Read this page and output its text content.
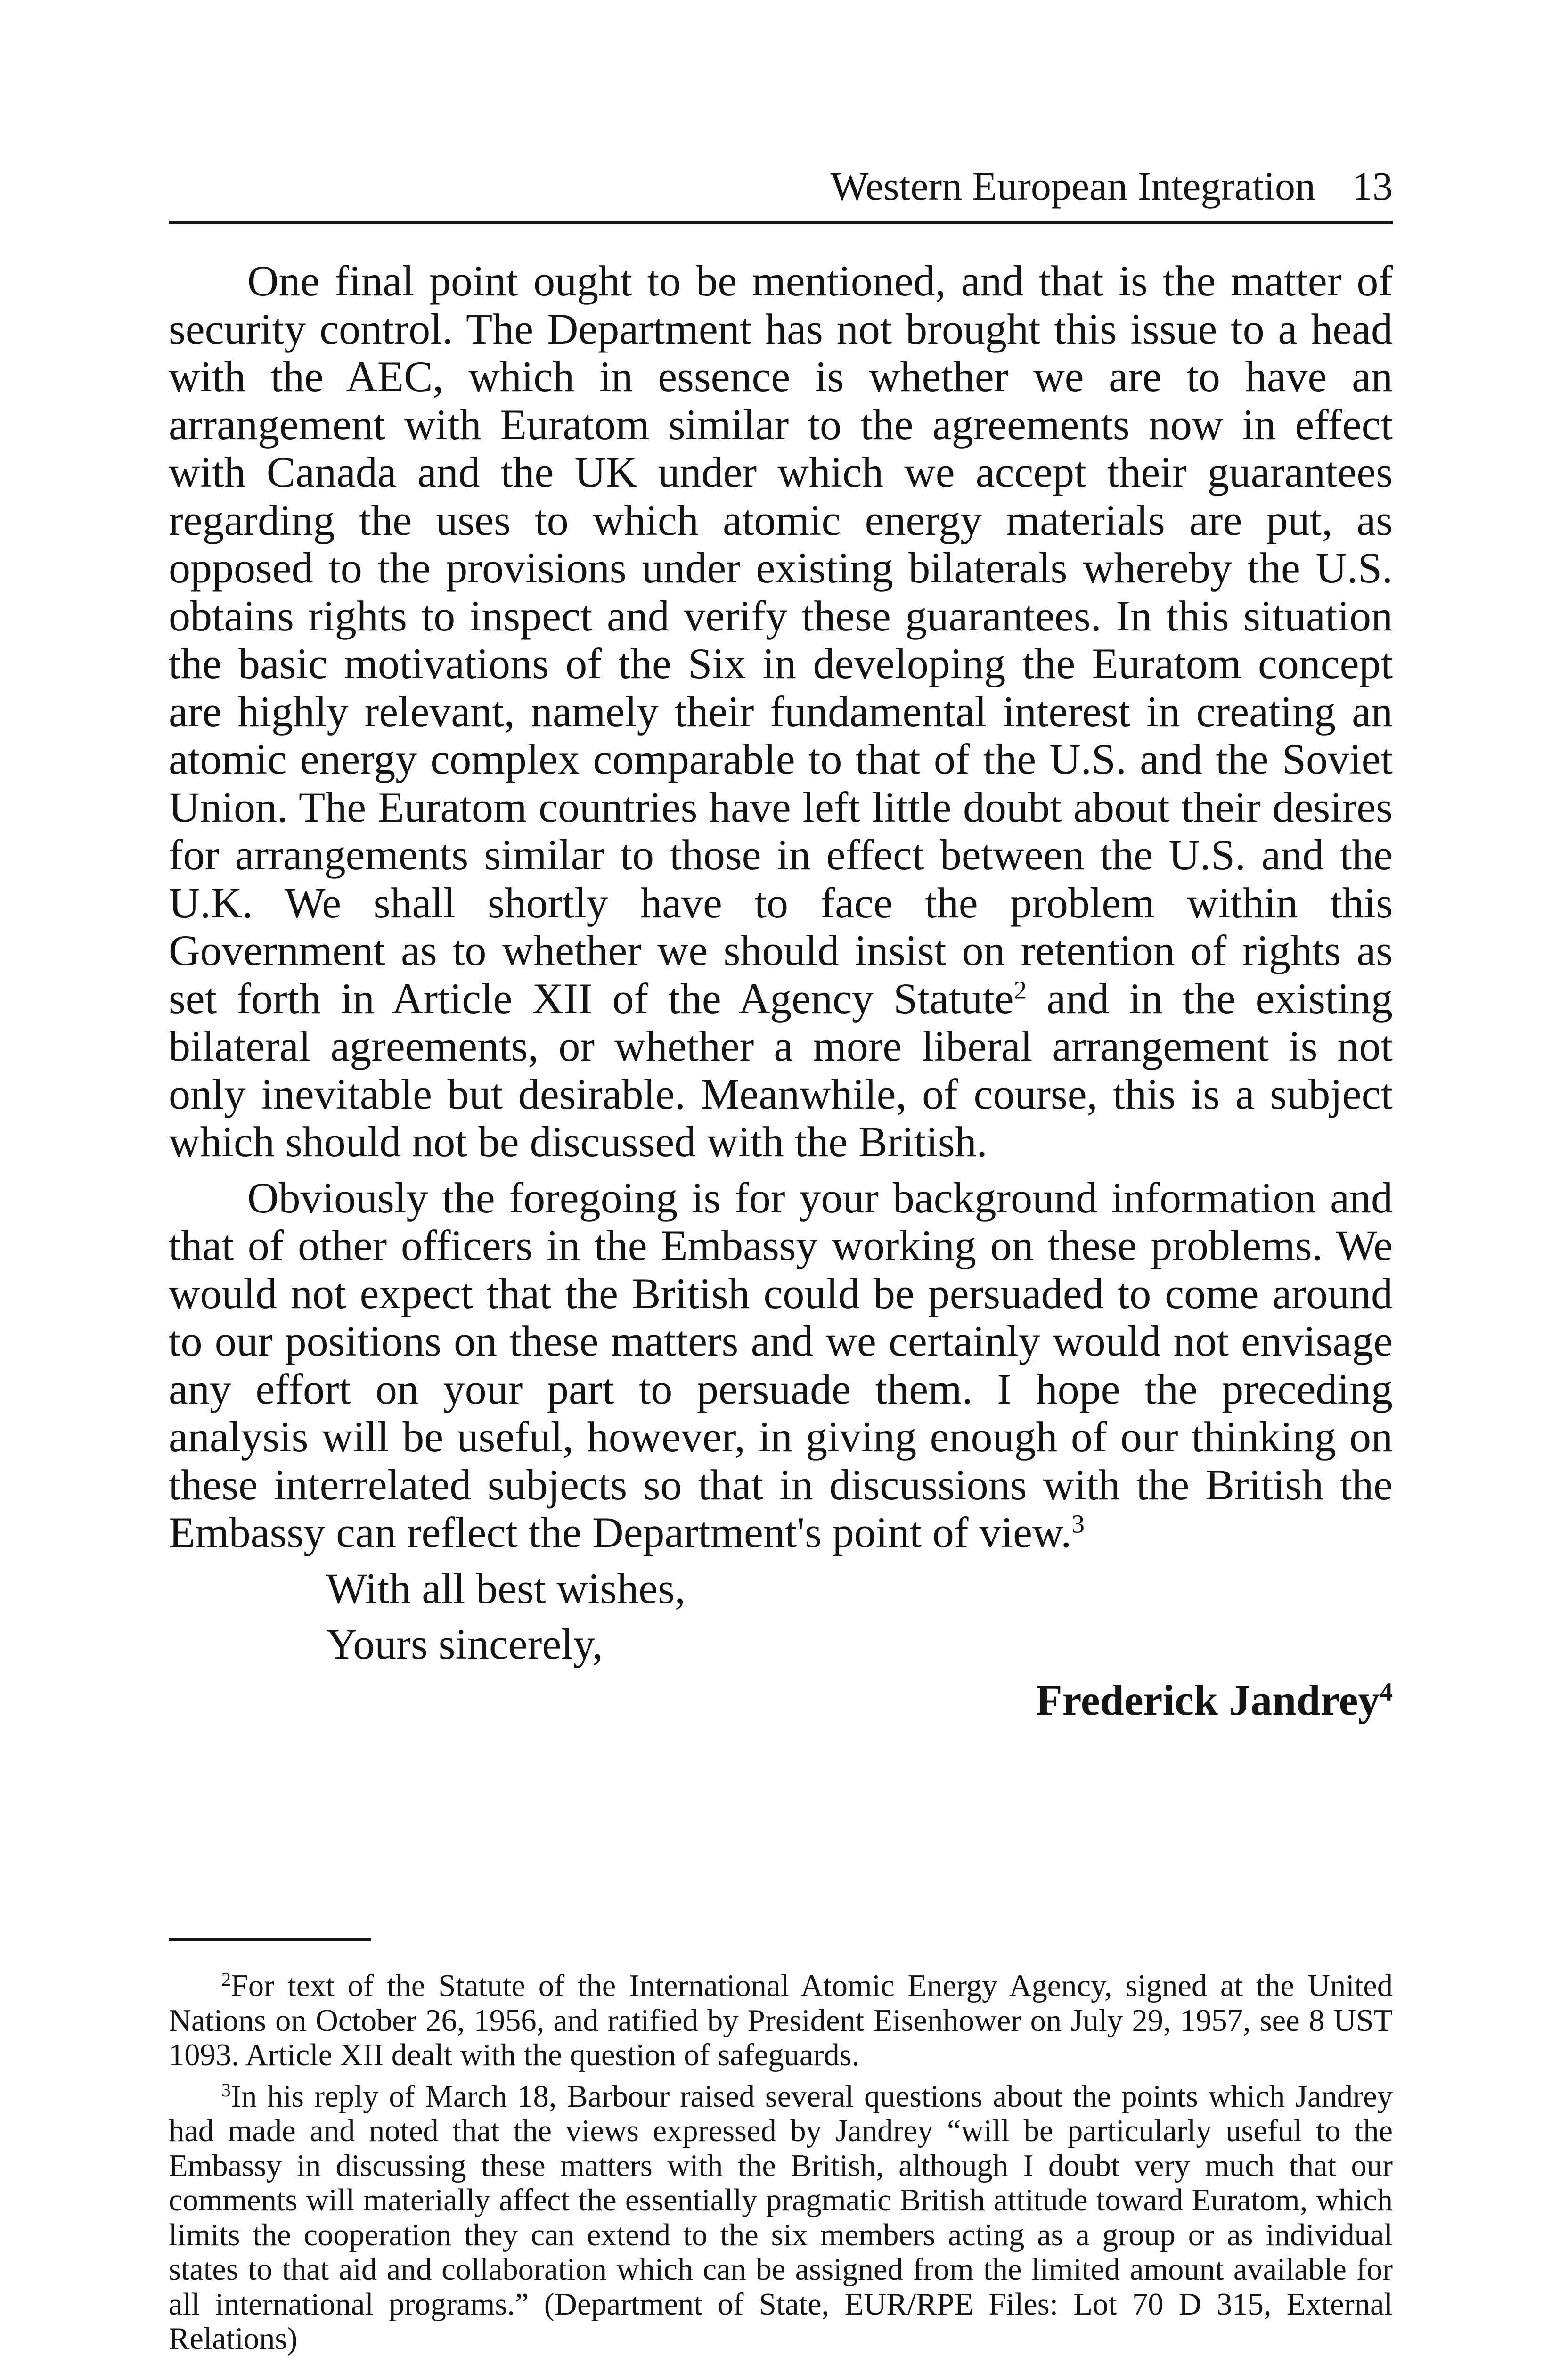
Western European Integration 13

One final point ought to be mentioned, and that is the matter of security control. The Department has not brought this issue to a head with the AEC, which in essence is whether we are to have an arrangement with Euratom similar to the agreements now in effect with Canada and the UK under which we accept their guarantees regarding the uses to which atomic energy materials are put, as opposed to the provisions under existing bilaterals whereby the U.S. obtains rights to inspect and verify these guarantees. In this situation the basic motivations of the Six in developing the Euratom concept are highly relevant, namely their fundamental interest in creating an atomic energy complex comparable to that of the U.S. and the Soviet Union. The Euratom countries have left little doubt about their desires for arrangements similar to those in effect between the U.S. and the U.K. We shall shortly have to face the problem within this Government as to whether we should insist on retention of rights as set forth in Article XII of the Agency Statute$^2$ and in the existing bilateral agreements, or whether a more liberal arrangement is not only inevitable but desirable. Meanwhile, of course, this is a subject which should not be discussed with the British.

Obviously the foregoing is for your background information and that of other officers in the Embassy working on these problems. We would not expect that the British could be persuaded to come around to our positions on these matters and we certainly would not envisage any effort on your part to persuade them. I hope the preceding analysis will be useful, however, in giving enough of our thinking on these interrelated subjects so that in discussions with the British the Embassy can reflect the Department's point of view.$^3$

With all best wishes,

Yours sincerely,

Frederick Jandrey$^4$

$^2$For text of the Statute of the International Atomic Energy Agency, signed at the United Nations on October 26, 1956, and ratified by President Eisenhower on July 29, 1957, see 8 UST 1093. Article XII dealt with the question of safeguards.

$^3$In his reply of March 18, Barbour raised several questions about the points which Jandrey had made and noted that the views expressed by Jandrey “will be particularly useful to the Embassy in discussing these matters with the British, although I doubt very much that our comments will materially affect the essentially pragmatic British attitude toward Euratom, which limits the cooperation they can extend to the six members acting as a group or as individual states to that aid and collaboration which can be assigned from the limited amount available for all international programs.” (Department of State, EUR/RPE Files: Lot 70 D 315, External Relations)
